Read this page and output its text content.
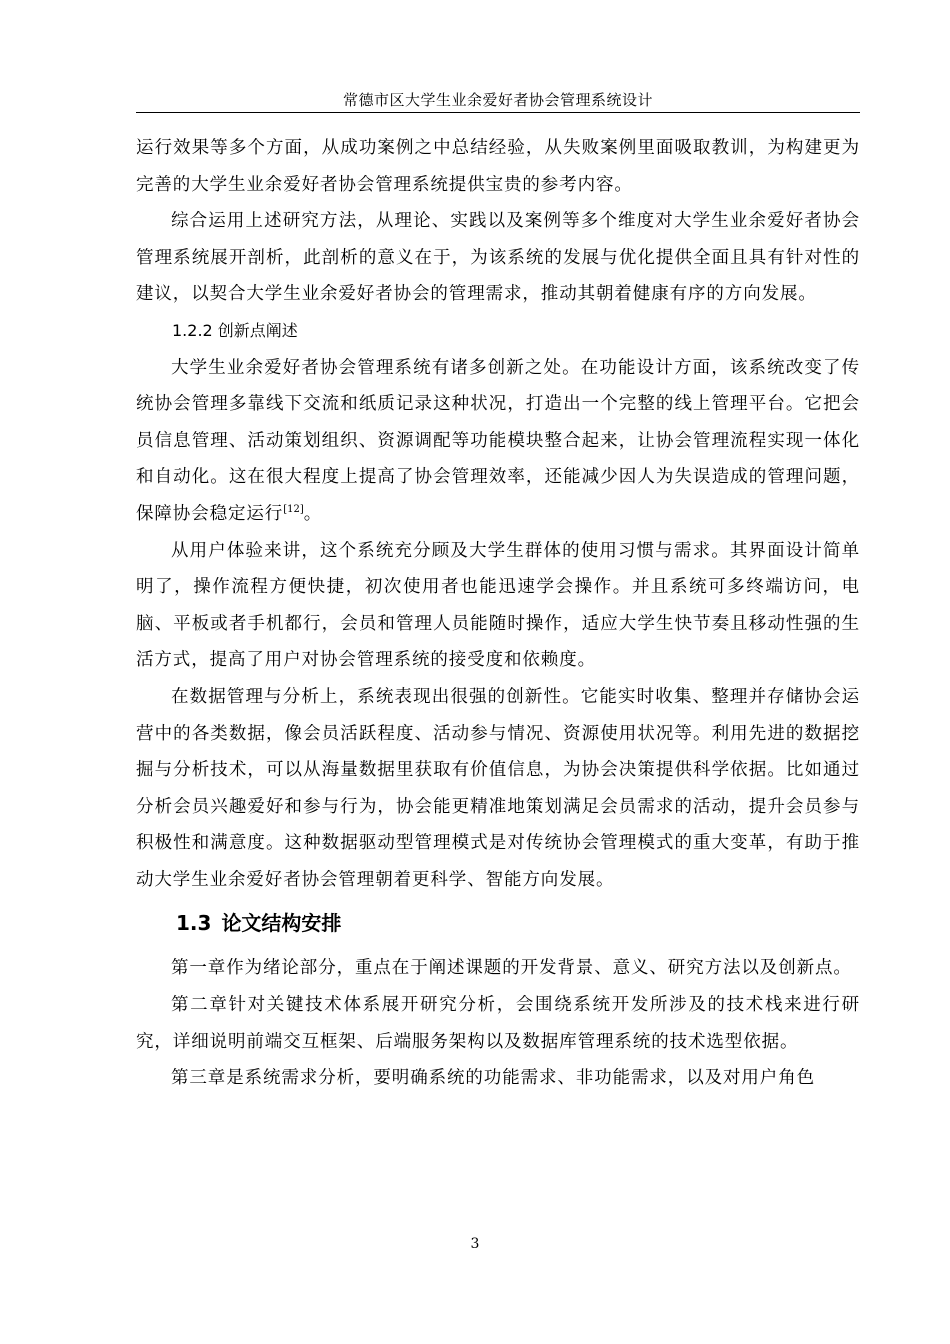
常德市区大学生业余爱好者协会管理系统设计

运行效果等多个方面，从成功案例之中总结经验，从失败案例里面吸取教训，为构建更为完善的大学生业余爱好者协会管理系统提供宝贵的参考内容。

综合运用上述研究方法，从理论、实践以及案例等多个维度对大学生业余爱好者协会管理系统展开剖析，此剖析的意义在于，为该系统的发展与优化提供全面且具有针对性的建议，以契合大学生业余爱好者协会的管理需求，推动其朝着健康有序的方向发展。

1.2.2 创新点阐述

大学生业余爱好者协会管理系统有诸多创新之处。在功能设计方面，该系统改变了传统协会管理多靠线下交流和纸质记录这种状况，打造出一个完整的线上管理平台。它把会员信息管理、活动策划组织、资源调配等功能模块整合起来，让协会管理流程实现一体化和自动化。这在很大程度上提高了协会管理效率，还能减少因人为失误造成的管理问题，保障协会稳定运行[12]。

从用户体验来讲，这个系统充分顾及大学生群体的使用习惯与需求。其界面设计简单明了，操作流程方便快捷，初次使用者也能迅速学会操作。并且系统可多终端访问，电脑、平板或者手机都行，会员和管理人员能随时操作，适应大学生快节奏且移动性强的生活方式，提高了用户对协会管理系统的接受度和依赖度。

在数据管理与分析上，系统表现出很强的创新性。它能实时收集、整理并存储协会运营中的各类数据，像会员活跃程度、活动参与情况、资源使用状况等。利用先进的数据挖掘与分析技术，可以从海量数据里获取有价值信息，为协会决策提供科学依据。比如通过分析会员兴趣爱好和参与行为，协会能更精准地策划满足会员需求的活动，提升会员参与积极性和满意度。这种数据驱动型管理模式是对传统协会管理模式的重大变革，有助于推动大学生业余爱好者协会管理朝着更科学、智能方向发展。

1.3 论文结构安排

第一章作为绪论部分，重点在于阐述课题的开发背景、意义、研究方法以及创新点。

第二章针对关键技术体系展开研究分析，会围绕系统开发所涉及的技术栈来进行研究，详细说明前端交互框架、后端服务架构以及数据库管理系统的技术选型依据。

第三章是系统需求分析，要明确系统的功能需求、非功能需求，以及对用户角色

3
